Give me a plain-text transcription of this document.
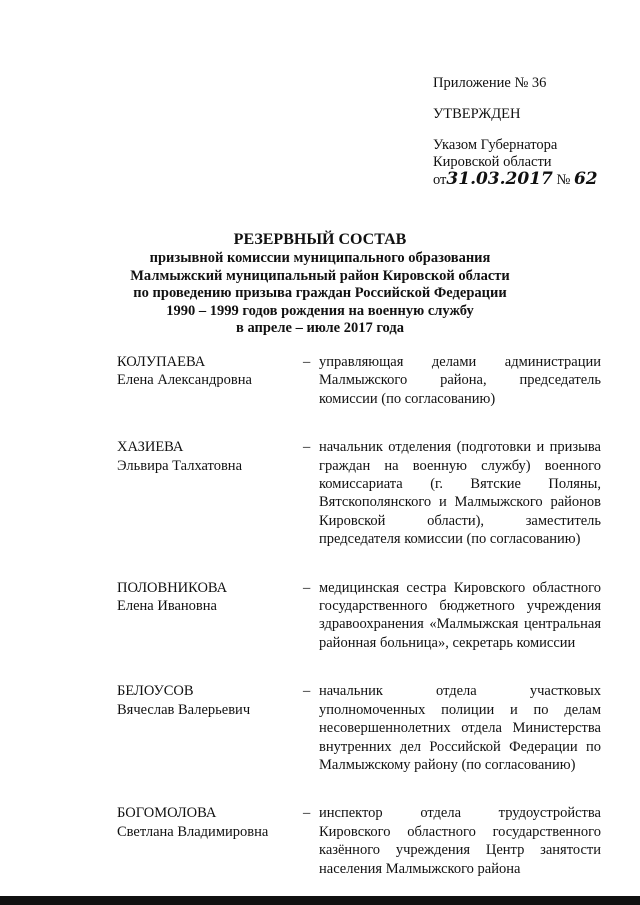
Приложение № 36
УТВЕРЖДЕН
Указом Губернатора
Кировской области
от31.03.2017 № 62
РЕЗЕРВНЫЙ СОСТАВ
призывной комиссии муниципального образования
Малмыжский муниципальный район Кировской области
по проведению призыва граждан Российской Федерации
1990 – 1999 годов рождения на военную службу
в апреле – июле 2017 года
КОЛУПАЕВА
Елена Александровна
– управляющая делами администрации Малмыжского района, председатель комиссии (по согласованию)
ХАЗИЕВА
Эльвира Талхатовна
– начальник отделения (подготовки и призыва граждан на военную службу) военного комиссариата (г. Вятские Поляны, Вятскополянского и Малмыжского районов Кировской области), заместитель председателя комиссии (по согласованию)
ПОЛОВНИКОВА
Елена Ивановна
– медицинская сестра Кировского областного государственного бюджетного учреждения здравоохранения «Малмыжская центральная районная больница», секретарь комиссии
БЕЛОУСОВ
Вячеслав Валерьевич
– начальник отдела участковых уполномоченных полиции и по делам несовершеннолетних отдела Министерства внутренних дел Российской Федерации по Малмыжскому району (по согласованию)
БОГОМОЛОВА
Светлана Владимировна
– инспектор отдела трудоустройства Кировского областного государственного казённого учреждения Центр занятости населения Малмыжского района
